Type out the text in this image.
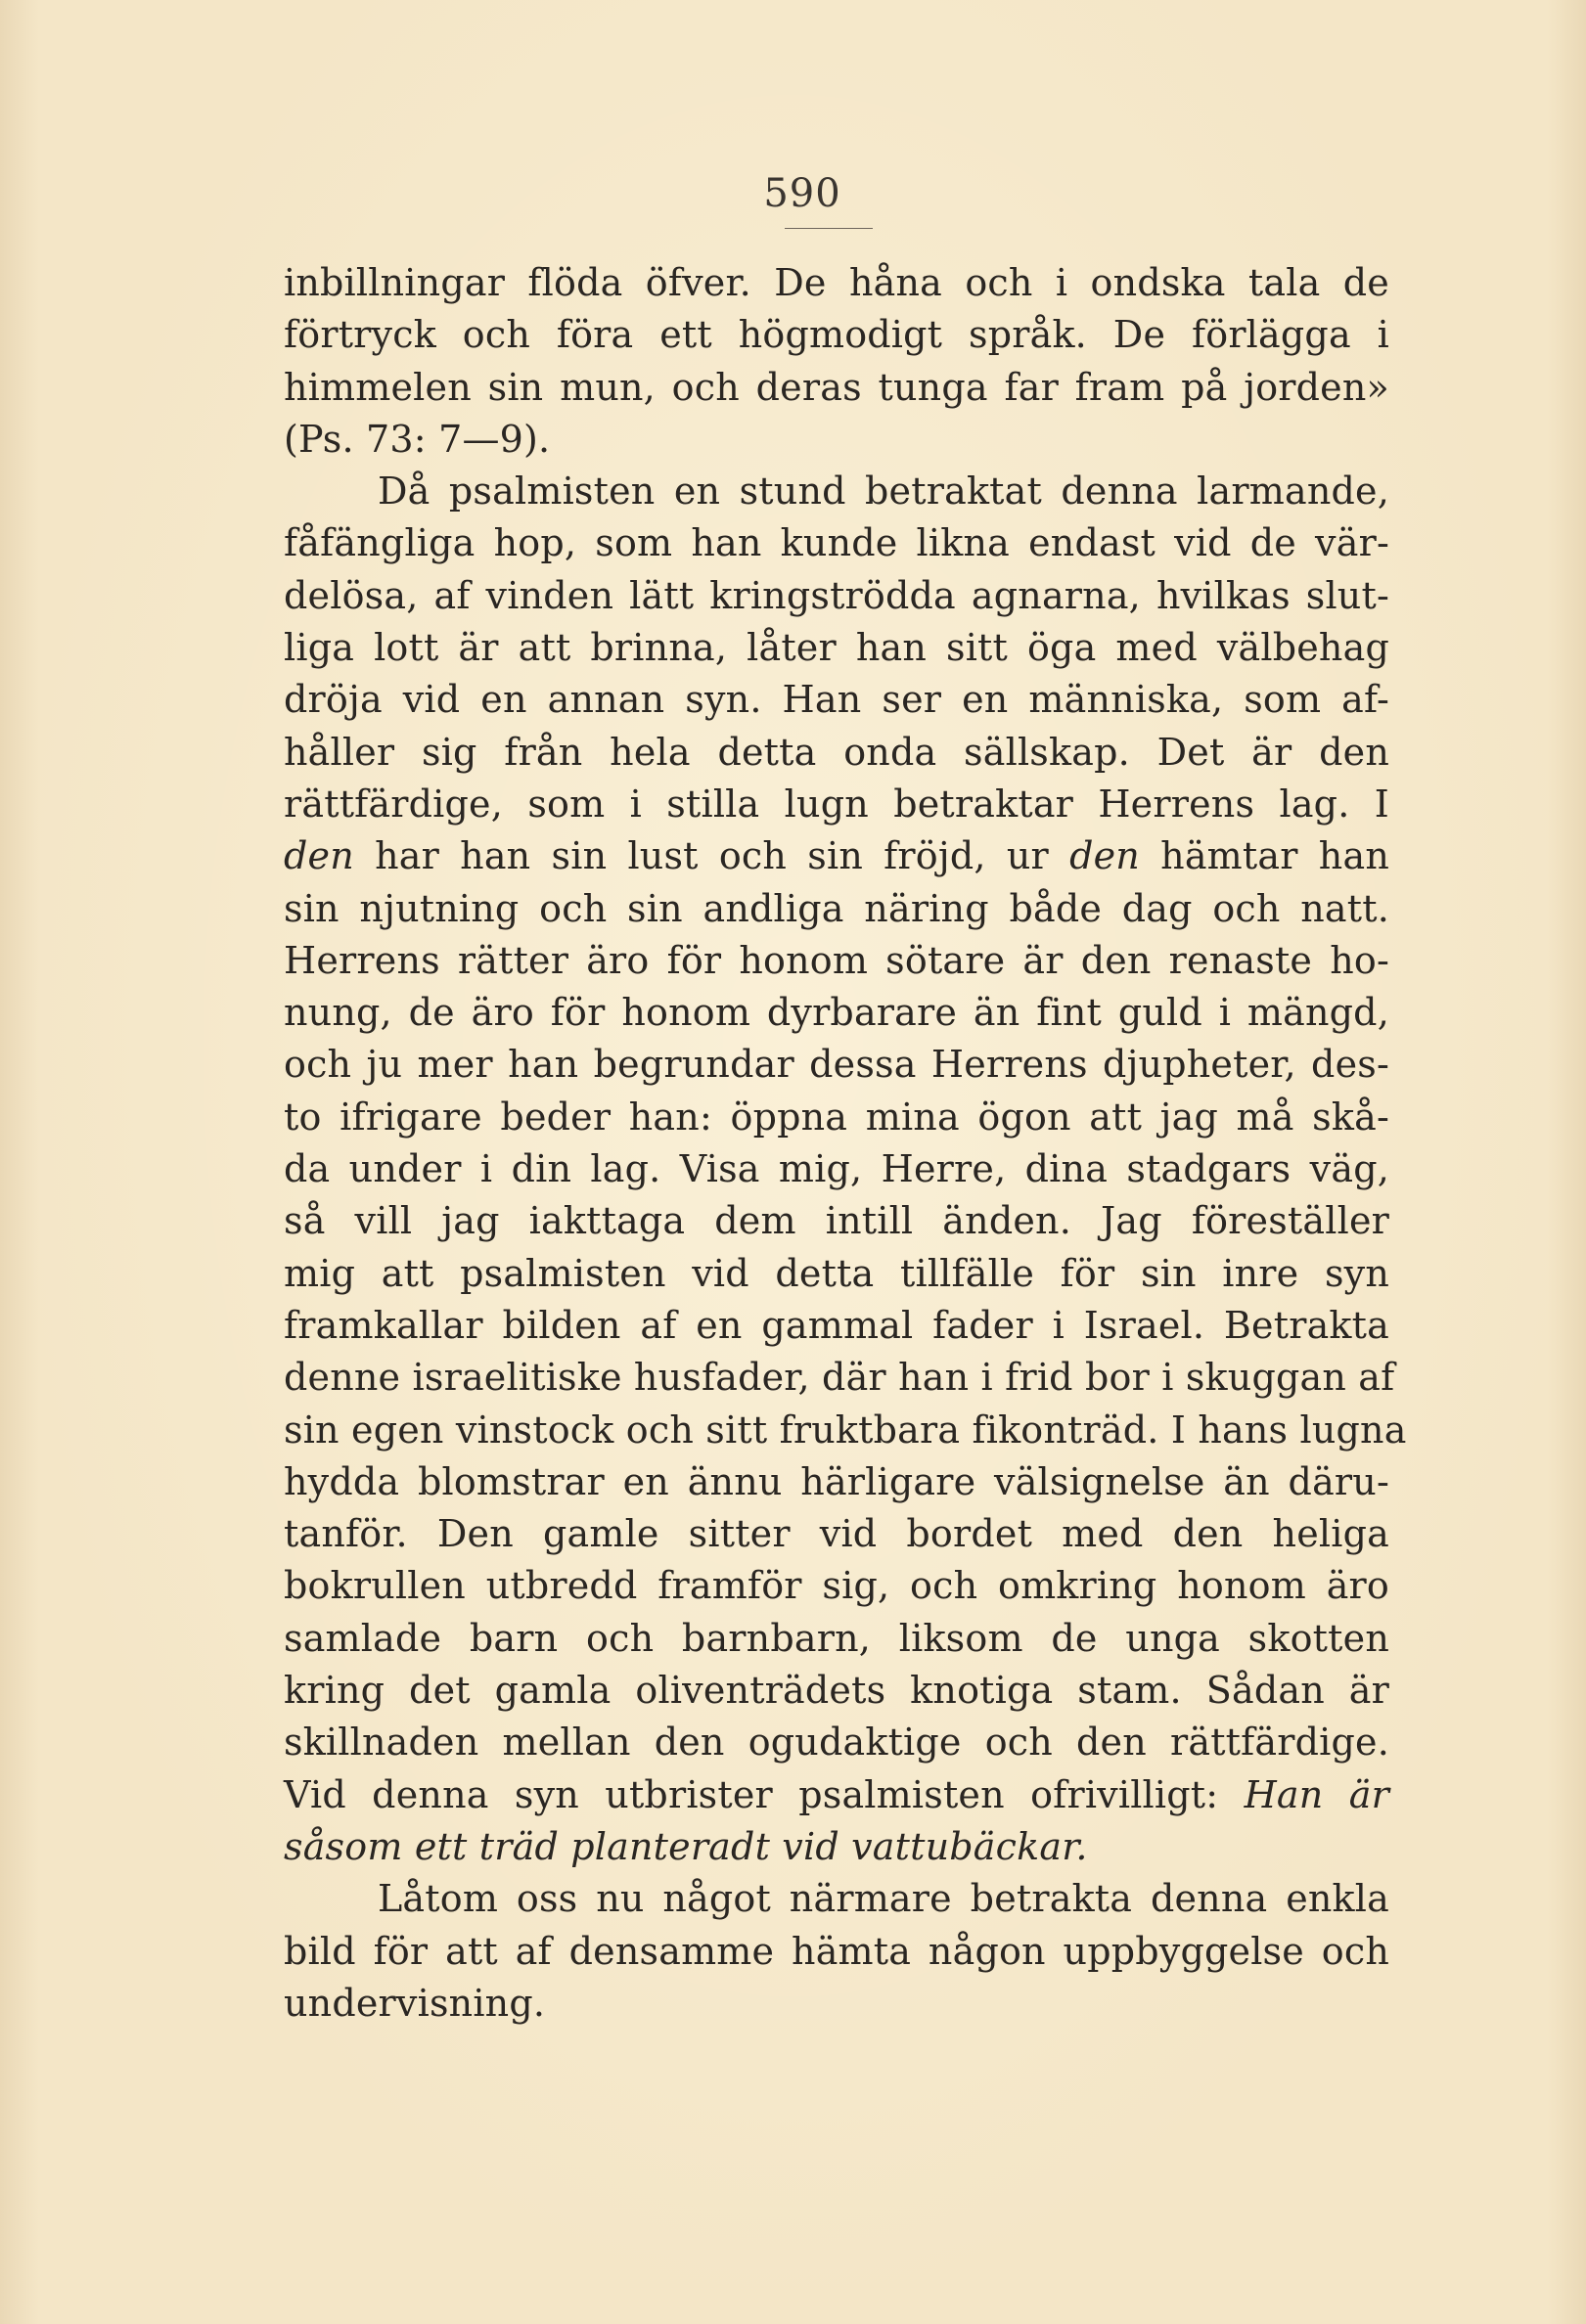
590
inbillningar flöda öfver. De håna och i ondska tala de
förtryck och föra ett högmodigt språk. De förlägga i
himmelen sin mun, och deras tunga far fram på jorden»
(Ps. 73: 7—9).
Då psalmisten en stund betraktat denna larmande,
fåfängliga hop, som han kunde likna endast vid de vär-
delösa, af vinden lätt kringströdda agnarna, hvilkas slut-
liga lott är att brinna, låter han sitt öga med välbehag
dröja vid en annan syn. Han ser en människa, som af-
håller sig från hela detta onda sällskap. Det är den
rättfärdige, som i stilla lugn betraktar Herrens lag. I
den har han sin lust och sin fröjd, ur den hämtar han
sin njutning och sin andliga näring både dag och natt.
Herrens rätter äro för honom sötare är den renaste ho-
nung, de äro för honom dyrbarare än fint guld i mängd,
och ju mer han begrundar dessa Herrens djupheter, des-
to ifrigare beder han: öppna mina ögon att jag må skå-
da under i din lag. Visa mig, Herre, dina stadgars väg,
så vill jag iakttaga dem intill änden. Jag föreställer
mig att psalmisten vid detta tillfälle för sin inre syn
framkallar bilden af en gammal fader i Israel. Betrakta
denne israelitiske husfader, där han i frid bor i skuggan af
sin egen vinstock och sitt fruktbara fikonträd. I hans lugna
hydda blomstrar en ännu härligare välsignelse än däru-
tanför. Den gamle sitter vid bordet med den heliga
bokrullen utbredd framför sig, och omkring honom äro
samlade barn och barnbarn, liksom de unga skotten
kring det gamla oliventrädets knotiga stam. Sådan är
skillnaden mellan den ogudaktige och den rättfärdige.
Vid denna syn utbrister psalmisten ofrivilligt: Han är
såsom ett träd planteradt vid vattubäckar.
Låtom oss nu något närmare betrakta denna enkla
bild för att af densamme hämta någon uppbyggelse och
undervisning.
